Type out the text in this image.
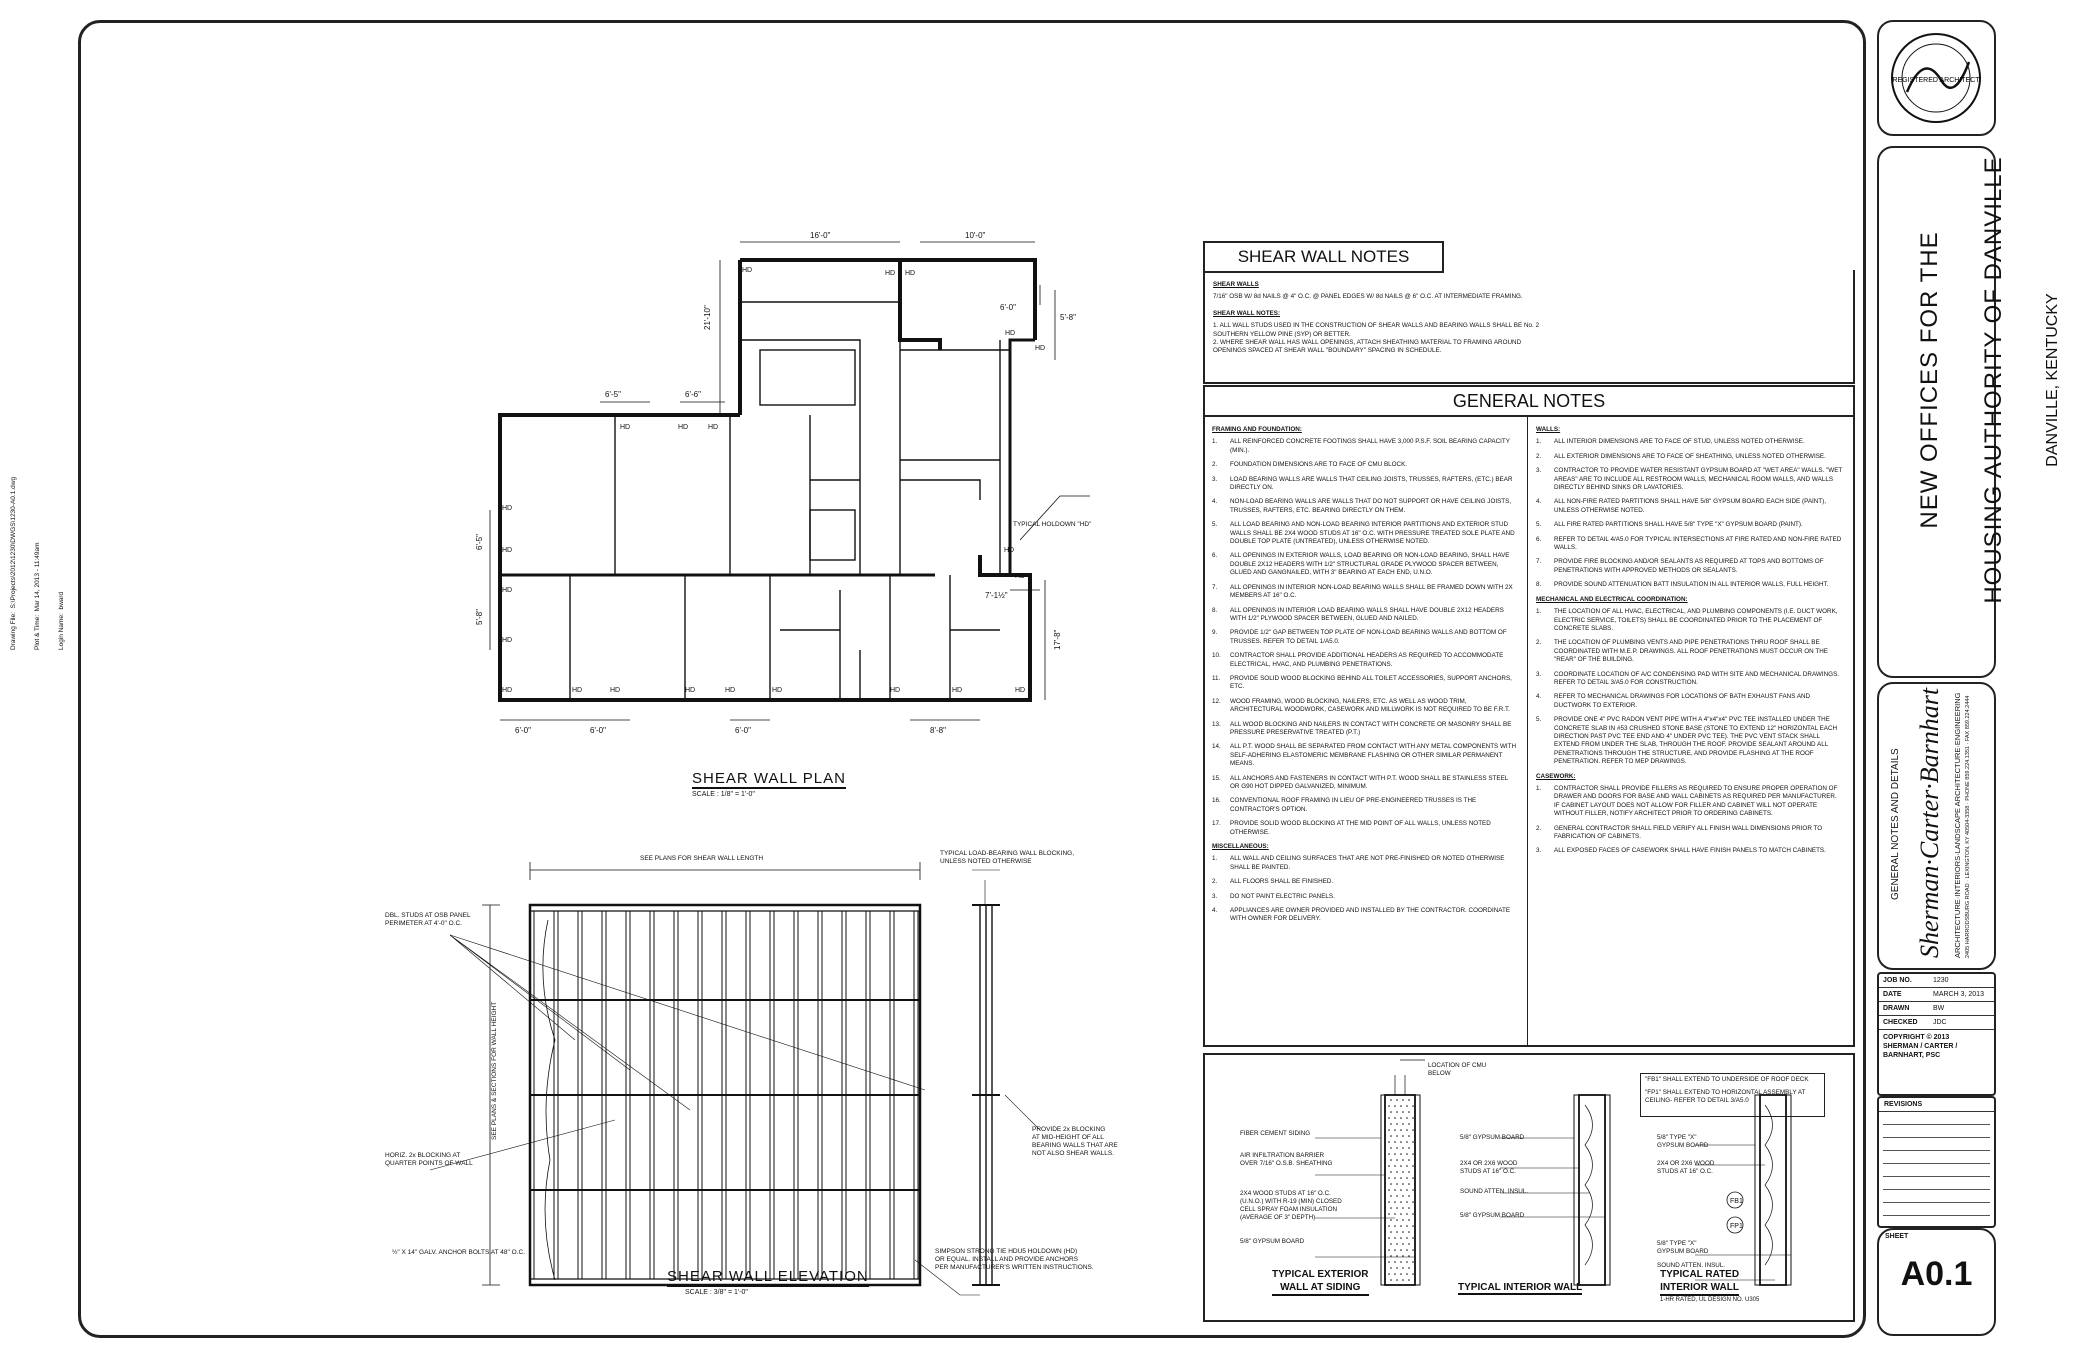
Drawing File:  S:\Projects\2012\1230\DWGS\1230-A0.1.dwg

	Plot & Time:  Mar 14, 2013 - 11:49am

	Login Name:  bward

HD	HD HD
HD
HD	HD	HD
HD
HD
HD
HD
HD	HD	HD	HD	HD	HD	HD	HD	HD
HD
HD
HD
16'-0"	10'-0"
21'-10"	6'-0"
5'-8"
6'-5"	6'-6"
6'-5"
5'-8"
7'-1½"
17'-8"
6'-0"	6'-0"	6'-0"	8'-8"
TYPICAL HOLDOWN "HD"
SHEAR WALL PLAN
SCALE : 1/8" = 1'-0"
SEE PLANS FOR SHEAR WALL LENGTH
SEE PLANS & SECTIONS FOR WALL HEIGHT
DBL. STUDS AT OSB PANEL
PERIMETER AT 4'-0" O.C.
HORIZ. 2x BLOCKING AT
QUARTER POINTS OF WALL
½" X 14" GALV. ANCHOR BOLTS AT 48" O.C.
TYPICAL LOAD-BEARING WALL BLOCKING,
UNLESS NOTED OTHERWISE
PROVIDE 2x BLOCKING
AT MID-HEIGHT OF ALL
BEARING WALLS THAT ARE
NOT ALSO SHEAR WALLS.
SIMPSON STRONG TIE HDU5 HOLDOWN (HD)
OR EQUAL. INSTALL AND PROVIDE ANCHORS
PER MANUFACTURER'S WRITTEN INSTRUCTIONS.
SHEAR WALL ELEVATION
SCALE : 3/8" = 1'-0"
SHEAR WALL NOTES
SHEAR WALLS
7/16" OSB W/ 8d NAILS @ 4" O.C. @ PANEL EDGES W/ 8d NAILS @ 6" O.C. AT INTERMEDIATE FRAMING.
SHEAR WALL NOTES:
1. ALL WALL STUDS USED IN THE CONSTRUCTION OF SHEAR WALLS AND BEARING WALLS SHALL BE No. 2 SOUTHERN YELLOW PINE (SYP) OR BETTER.
2. WHERE SHEAR WALL HAS WALL OPENINGS, ATTACH SHEATHING MATERIAL TO FRAMING AROUND OPENINGS SPACED AT SHEAR WALL "BOUNDARY" SPACING IN SCHEDULE.
GENERAL NOTES
FRAMING AND FOUNDATION:
1.	ALL REINFORCED CONCRETE FOOTINGS SHALL HAVE 3,000 P.S.F. SOIL BEARING CAPACITY (MIN.).
2.	FOUNDATION DIMENSIONS ARE TO FACE OF CMU BLOCK.
3.	LOAD BEARING WALLS ARE WALLS THAT CEILING JOISTS, TRUSSES, RAFTERS, (ETC.) BEAR DIRECTLY ON.
4.	NON-LOAD BEARING WALLS ARE WALLS THAT DO NOT SUPPORT OR HAVE CEILING JOISTS, TRUSSES, RAFTERS, ETC. BEARING DIRECTLY ON THEM.
5.	ALL LOAD BEARING AND NON-LOAD BEARING INTERIOR PARTITIONS AND EXTERIOR STUD WALLS SHALL BE 2X4 WOOD STUDS AT 16" O.C. WITH PRESSURE TREATED SOLE PLATE AND DOUBLE TOP PLATE (UNTREATED), UNLESS OTHERWISE NOTED.
6.	ALL OPENINGS IN EXTERIOR WALLS, LOAD BEARING OR NON-LOAD BEARING, SHALL HAVE DOUBLE 2X12 HEADERS WITH 1/2" STRUCTURAL GRADE PLYWOOD SPACER BETWEEN, GLUED AND GANGNAILED, WITH 3" BEARING AT EACH END, U.N.O.
7.	ALL OPENINGS IN INTERIOR NON-LOAD BEARING WALLS SHALL BE FRAMED DOWN WITH 2X MEMBERS AT 16" O.C.
8.	ALL OPENINGS IN INTERIOR LOAD BEARING WALLS SHALL HAVE DOUBLE 2X12 HEADERS WITH 1/2" PLYWOOD SPACER BETWEEN, GLUED AND NAILED.
9.	PROVIDE 1/2" GAP BETWEEN TOP PLATE OF NON-LOAD BEARING WALLS AND BOTTOM OF TRUSSES. REFER TO DETAIL 1/A5.0.
10.	CONTRACTOR SHALL PROVIDE ADDITIONAL HEADERS AS REQUIRED TO ACCOMMODATE ELECTRICAL, HVAC, AND PLUMBING PENETRATIONS.
11.	PROVIDE SOLID WOOD BLOCKING BEHIND ALL TOILET ACCESSORIES, SUPPORT ANCHORS, ETC.
12.	WOOD FRAMING, WOOD BLOCKING, NAILERS, ETC. AS WELL AS WOOD TRIM, ARCHITECTURAL WOODWORK, CASEWORK AND MILLWORK IS NOT REQUIRED TO BE F.R.T.
13.	ALL WOOD BLOCKING AND NAILERS IN CONTACT WITH CONCRETE OR MASONRY SHALL BE PRESSURE PRESERVATIVE TREATED (P.T.)
14.	ALL P.T. WOOD SHALL BE SEPARATED FROM CONTACT WITH ANY METAL COMPONENTS WITH SELF-ADHERING ELASTOMERIC MEMBRANE FLASHING OR OTHER SIMILAR PERMANENT MEANS.
15.	ALL ANCHORS AND FASTENERS IN CONTACT WITH P.T. WOOD SHALL BE STAINLESS STEEL OR G90 HOT DIPPED GALVANIZED, MINIMUM.
16.	CONVENTIONAL ROOF FRAMING IN LIEU OF PRE-ENGINEERED TRUSSES IS THE CONTRACTOR'S OPTION.
17.	PROVIDE SOLID WOOD BLOCKING AT THE MID POINT OF ALL WALLS, UNLESS NOTED OTHERWISE.
MISCELLANEOUS:
1.	ALL WALL AND CEILING SURFACES THAT ARE NOT PRE-FINISHED OR NOTED OTHERWISE SHALL BE PAINTED.
2.	ALL FLOORS SHALL BE FINISHED.
3.	DO NOT PAINT ELECTRIC PANELS.
4.	APPLIANCES ARE OWNER PROVIDED AND INSTALLED BY THE CONTRACTOR. COORDINATE WITH OWNER FOR DELIVERY.
WALLS:
1.	ALL INTERIOR DIMENSIONS ARE TO FACE OF STUD, UNLESS NOTED OTHERWISE.
2.	ALL EXTERIOR DIMENSIONS ARE TO FACE OF SHEATHING, UNLESS NOTED OTHERWISE.
3.	CONTRACTOR TO PROVIDE WATER RESISTANT GYPSUM BOARD AT "WET AREA" WALLS. "WET AREAS" ARE TO INCLUDE ALL RESTROOM WALLS, MECHANICAL ROOM WALLS, AND WALLS DIRECTLY BEHIND SINKS OR LAVATORIES.
4.	ALL NON-FIRE RATED PARTITIONS SHALL HAVE 5/8" GYPSUM BOARD EACH SIDE (PAINT), UNLESS OTHERWISE NOTED.
5.	ALL FIRE RATED PARTITIONS SHALL HAVE 5/8" TYPE "X" GYPSUM BOARD (PAINT).
6.	REFER TO DETAIL 4/A5.0 FOR TYPICAL INTERSECTIONS AT FIRE RATED AND NON-FIRE RATED WALLS.
7.	PROVIDE FIRE BLOCKING AND/OR SEALANTS AS REQUIRED AT TOPS AND BOTTOMS OF PENETRATIONS WITH APPROVED METHODS OR SEALANTS.
8.	PROVIDE SOUND ATTENUATION BATT INSULATION IN ALL INTERIOR WALLS, FULL HEIGHT.
MECHANICAL AND ELECTRICAL COORDINATION:
1.	THE LOCATION OF ALL HVAC, ELECTRICAL, AND PLUMBING COMPONENTS (I.E. DUCT WORK, ELECTRIC SERVICE, TOILETS) SHALL BE COORDINATED PRIOR TO THE PLACEMENT OF CONCRETE SLABS.
2.	THE LOCATION OF PLUMBING VENTS AND PIPE PENETRATIONS THRU ROOF SHALL BE COORDINATED WITH M.E.P. DRAWINGS. ALL ROOF PENETRATIONS MUST OCCUR ON THE "REAR" OF THE BUILDING.
3.	COORDINATE LOCATION OF A/C CONDENSING PAD WITH SITE AND MECHANICAL DRAWINGS. REFER TO DETAIL 3/A5.0 FOR CONSTRUCTION.
4.	REFER TO MECHANICAL DRAWINGS FOR LOCATIONS OF BATH EXHAUST FANS AND DUCTWORK TO EXTERIOR.
5.	PROVIDE ONE 4" PVC RADON VENT PIPE WITH A 4"x4"x4" PVC TEE INSTALLED UNDER THE CONCRETE SLAB IN #53 CRUSHED STONE BASE (STONE TO EXTEND 12" HORIZONTAL EACH DIRECTION PAST PVC TEE END AND 4" UNDER PVC TEE). THE PVC VENT STACK SHALL EXTEND FROM UNDER THE SLAB, THROUGH THE ROOF. PROVIDE SEALANT AROUND ALL PENETRATIONS THROUGH THE STRUCTURE, AND PROVIDE FLASHING AT THE ROOF PENETRATION. REFER TO MEP DRAWINGS.
CASEWORK:
1.	CONTRACTOR SHALL PROVIDE FILLERS AS REQUIRED TO ENSURE PROPER OPERATION OF DRAWER AND DOORS FOR BASE AND WALL CABINETS AS REQUIRED PER MANUFACTURER. IF CABINET LAYOUT DOES NOT ALLOW FOR FILLER AND CABINET WILL NOT OPERATE WITHOUT FILLER, NOTIFY ARCHITECT PRIOR TO ORDERING CABINETS.
2.	GENERAL CONTRACTOR SHALL FIELD VERIFY ALL FINISH WALL DIMENSIONS PRIOR TO FABRICATION OF CABINETS.
3.	ALL EXPOSED FACES OF CASEWORK SHALL HAVE FINISH PANELS TO MATCH CABINETS.
"FB1" SHALL EXTEND TO UNDERSIDE OF ROOF DECK
"FP1" SHALL EXTEND TO HORIZONTAL ASSEMBLY AT CEILING- REFER TO DETAIL 3/A5.0
FB1
FP1
LOCATION OF CMU
BELOW
FIBER CEMENT SIDING
AIR INFILTRATION BARRIER
OVER 7/16" O.S.B. SHEATHING
2X4 WOOD STUDS AT 16" O.C.
(U.N.O.) WITH R-19 (MIN) CLOSED
CELL SPRAY FOAM INSULATION
(AVERAGE OF 3" DEPTH)
5/8" GYPSUM BOARD
5/8" GYPSUM BOARD
2X4 OR 2X6 WOOD
STUDS AT 16" O.C.
SOUND ATTEN. INSUL.
5/8" GYPSUM BOARD
5/8" TYPE "X"
GYPSUM BOARD
2X4 OR 2X6 WOOD
STUDS AT 16" O.C.
5/8" TYPE "X"
GYPSUM BOARD
SOUND ATTEN. INSUL.
TYPICAL EXTERIOR
WALL AT SIDING	TYPICAL INTERIOR WALL
TYPICAL RATED
INTERIOR WALL
1-HR RATED, UL DESIGN NO. U305
REGISTERED ARCHITECT

NEW OFFICES FOR THE

HOUSING AUTHORITY OF DANVILLE

DANVILLE, KENTUCKY

GENERAL NOTES AND DETAILS Sherman·Carter·Barnhart ARCHITECTURE·INTERIORS·LANDSCAPE ARCHITECTURE·ENGINEERING 2405 HARRODSBURG ROAD · LEXINGTON, KY 40504-3358 · PHONE 859.224.1351 · FAX 859.224.2444
JOB NO.	1230
DATE	MARCH 3, 2013
DRAWN	BW
CHECKED	JDC
COPYRIGHT © 2013
SHERMAN / CARTER /
BARNHART, PSC
REVISIONS
SHEET
A0.1
